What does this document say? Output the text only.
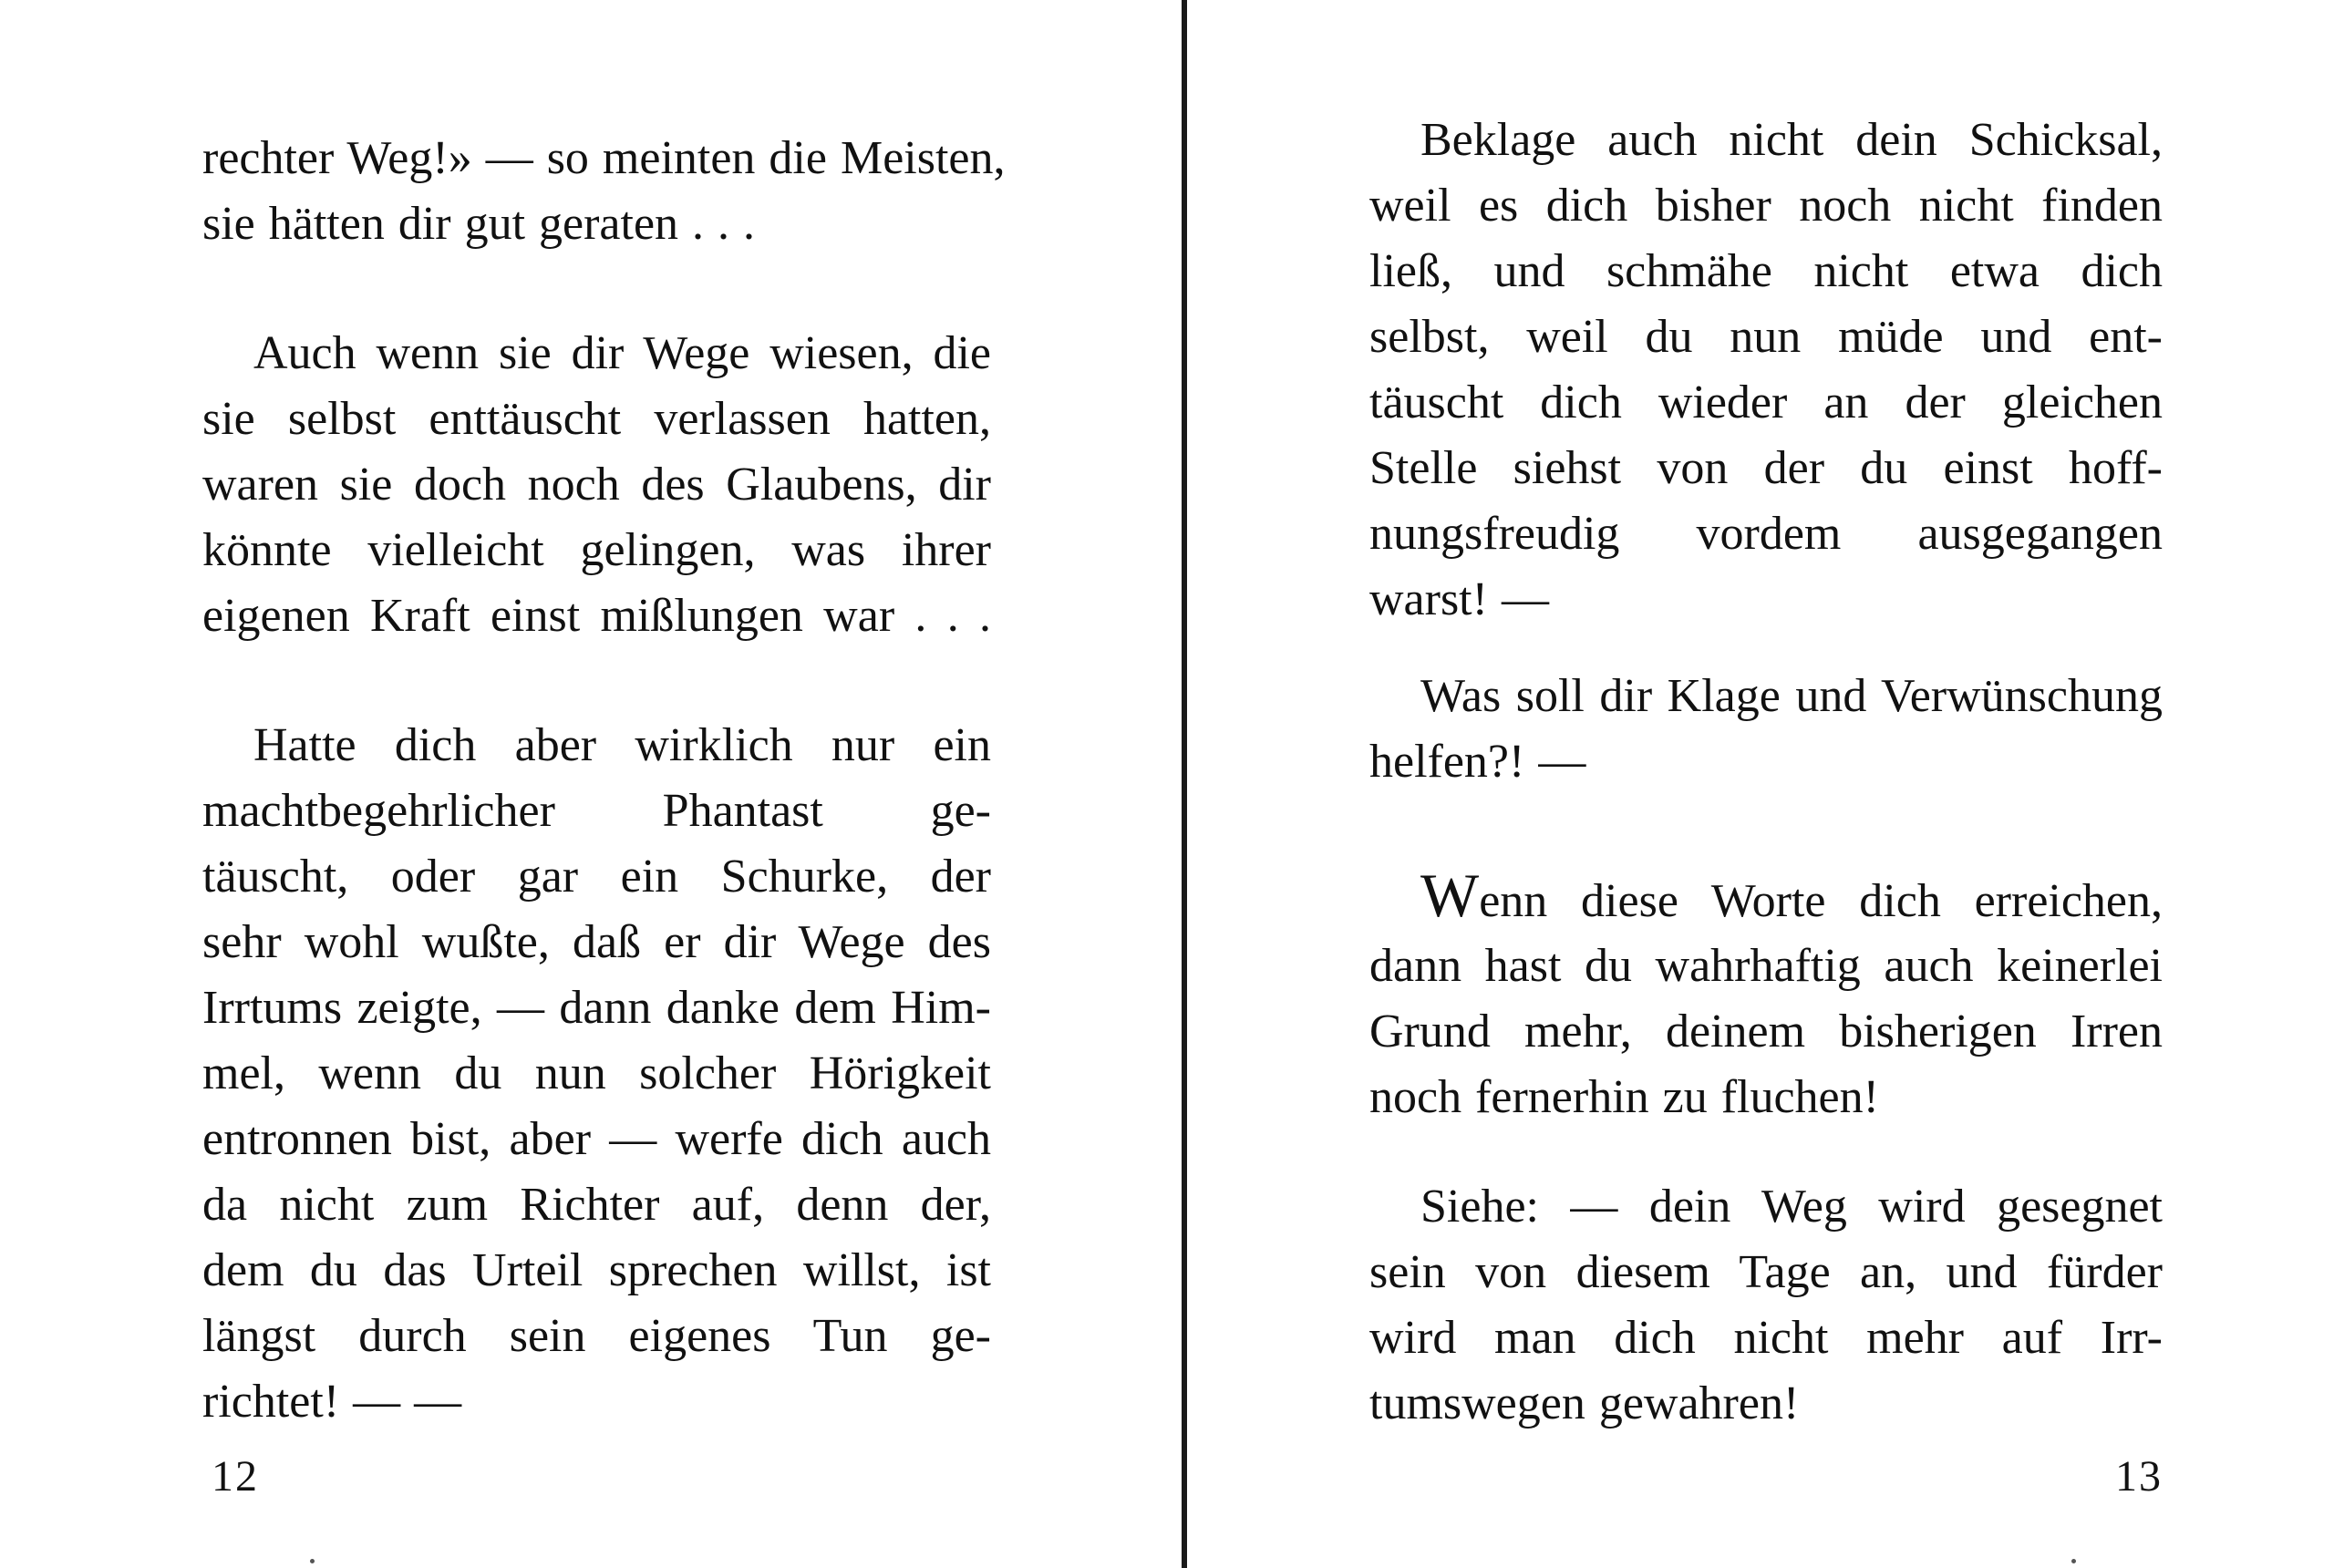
rechter Weg!» — so meinten die Meisten,
sie hätten dir gut geraten . . .
Auch wenn sie dir Wege wiesen, die
sie selbst enttäuscht verlassen hatten,
waren sie doch noch des Glaubens, dir
könnte vielleicht gelingen, was ihrer
eigenen Kraft einst mißlungen war . . .
Hatte dich aber wirklich nur ein
machtbegehrlicher Phantast ge-
täuscht, oder gar ein Schurke, der
sehr wohl wußte, daß er dir Wege des
Irrtums zeigte, — dann danke dem Him-
mel, wenn du nun solcher Hörigkeit
entronnen bist, aber — werfe dich auch
da nicht zum Richter auf, denn der,
dem du das Urteil sprechen willst, ist
längst durch sein eigenes Tun ge-
richtet! — —
12
Beklage auch nicht dein Schicksal,
weil es dich bisher noch nicht finden
ließ, und schmähe nicht etwa dich
selbst, weil du nun müde und ent-
täuscht dich wieder an der gleichen
Stelle siehst von der du einst hoff-
nungsfreudig vordem ausgegangen
warst! —
Was soll dir Klage und Verwünschung
helfen?! —
Wenn diese Worte dich erreichen,
dann hast du wahrhaftig auch keinerlei
Grund mehr, deinem bisherigen Irren
noch fernerhin zu fluchen!
Siehe: — dein Weg wird gesegnet
sein von diesem Tage an, und fürder
wird man dich nicht mehr auf Irr-
tumswegen gewahren!
13
